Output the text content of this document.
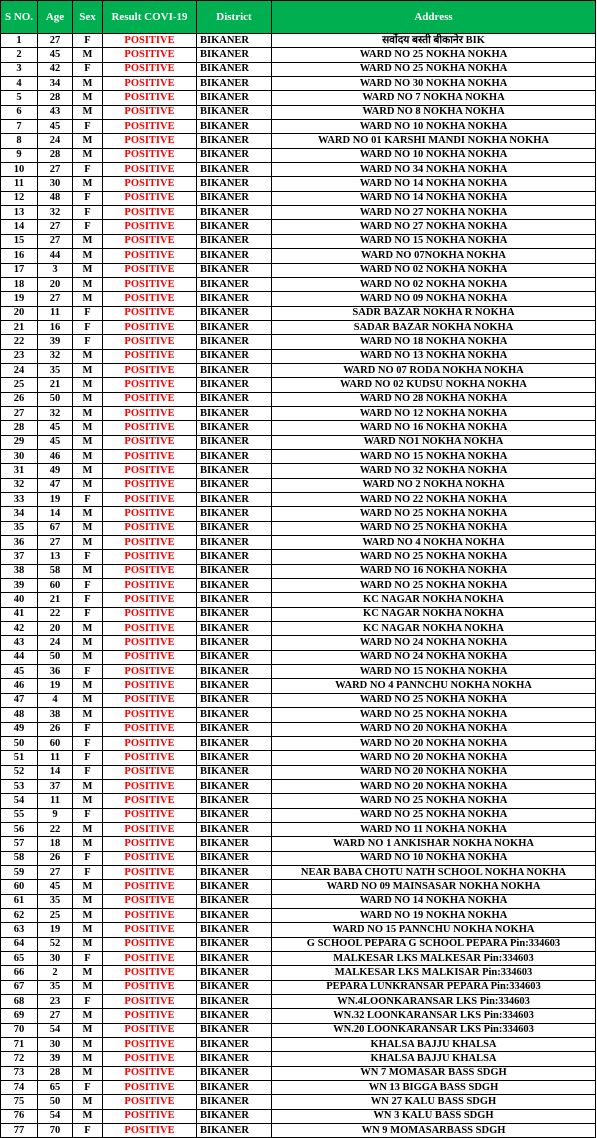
S NO.	Age	Sex	Result COVI-19	District	Address
1	27	F	POSITIVE	BIKANER	सर्वोदय बस्ती बीकानेर BIK
2	45	M	POSITIVE	BIKANER	WARD NO 25 NOKHA NOKHA
3	42	F	POSITIVE	BIKANER	WARD NO 25 NOKHA NOKHA
4	34	M	POSITIVE	BIKANER	WARD NO 30 NOKHA NOKHA
5	28	M	POSITIVE	BIKANER	WARD NO 7 NOKHA NOKHA
6	43	M	POSITIVE	BIKANER	WARD NO 8 NOKHA NOKHA
7	45	F	POSITIVE	BIKANER	WARD NO 10 NOKHA NOKHA
8	24	M	POSITIVE	BIKANER	WARD NO 01 KARSHI MANDI NOKHA NOKHA
9	28	M	POSITIVE	BIKANER	WARD NO 10 NOKHA NOKHA
10	27	F	POSITIVE	BIKANER	WARD NO 34 NOKHA NOKHA
11	30	M	POSITIVE	BIKANER	WARD NO 14 NOKHA NOKHA
12	48	F	POSITIVE	BIKANER	WARD NO 14 NOKHA NOKHA
13	32	F	POSITIVE	BIKANER	WARD NO 27 NOKHA NOKHA
14	27	F	POSITIVE	BIKANER	WARD NO 27 NOKHA NOKHA
15	27	M	POSITIVE	BIKANER	WARD NO 15 NOKHA NOKHA
16	44	M	POSITIVE	BIKANER	WARD NO 07NOKHA NOKHA
17	3	M	POSITIVE	BIKANER	WARD NO 02 NOKHA NOKHA
18	20	M	POSITIVE	BIKANER	WARD NO 02 NOKHA NOKHA
19	27	M	POSITIVE	BIKANER	WARD NO 09 NOKHA NOKHA
20	11	F	POSITIVE	BIKANER	SADR BAZAR NOKHA R NOKHA
21	16	F	POSITIVE	BIKANER	SADAR BAZAR NOKHA NOKHA
22	39	F	POSITIVE	BIKANER	WARD NO 18 NOKHA NOKHA
23	32	M	POSITIVE	BIKANER	WARD NO 13 NOKHA NOKHA
24	35	M	POSITIVE	BIKANER	WARD NO 07 RODA NOKHA NOKHA
25	21	M	POSITIVE	BIKANER	WARD NO 02 KUDSU NOKHA NOKHA
26	50	M	POSITIVE	BIKANER	WARD NO 28 NOKHA NOKHA
27	32	M	POSITIVE	BIKANER	WARD NO 12 NOKHA NOKHA
28	45	M	POSITIVE	BIKANER	WARD NO 16 NOKHA NOKHA
29	45	M	POSITIVE	BIKANER	WARD NO1 NOKHA NOKHA
30	46	M	POSITIVE	BIKANER	WARD NO 15 NOKHA NOKHA
31	49	M	POSITIVE	BIKANER	WARD NO 32 NOKHA NOKHA
32	47	M	POSITIVE	BIKANER	WARD NO 2 NOKHA NOKHA
33	19	F	POSITIVE	BIKANER	WARD NO 22 NOKHA NOKHA
34	14	M	POSITIVE	BIKANER	WARD NO 25 NOKHA NOKHA
35	67	M	POSITIVE	BIKANER	WARD NO 25 NOKHA NOKHA
36	27	M	POSITIVE	BIKANER	WARD NO 4 NOKHA NOKHA
37	13	F	POSITIVE	BIKANER	WARD NO 25 NOKHA NOKHA
38	58	M	POSITIVE	BIKANER	WARD NO 16 NOKHA NOKHA
39	60	F	POSITIVE	BIKANER	WARD NO 25 NOKHA NOKHA
40	21	F	POSITIVE	BIKANER	KC NAGAR NOKHA NOKHA
41	22	F	POSITIVE	BIKANER	KC NAGAR NOKHA NOKHA
42	20	M	POSITIVE	BIKANER	KC NAGAR NOKHA NOKHA
43	24	M	POSITIVE	BIKANER	WARD NO 24 NOKHA NOKHA
44	50	M	POSITIVE	BIKANER	WARD NO 24 NOKHA NOKHA
45	36	F	POSITIVE	BIKANER	WARD NO 15 NOKHA NOKHA
46	19	M	POSITIVE	BIKANER	WARD NO 4 PANNCHU NOKHA NOKHA
47	4	M	POSITIVE	BIKANER	WARD NO 25 NOKHA NOKHA
48	38	M	POSITIVE	BIKANER	WARD NO 25 NOKHA NOKHA
49	26	F	POSITIVE	BIKANER	WARD NO 20 NOKHA NOKHA
50	60	F	POSITIVE	BIKANER	WARD NO 20 NOKHA NOKHA
51	11	F	POSITIVE	BIKANER	WARD NO 20 NOKHA NOKHA
52	14	F	POSITIVE	BIKANER	WARD NO 20 NOKHA NOKHA
53	37	M	POSITIVE	BIKANER	WARD NO 20 NOKHA NOKHA
54	11	M	POSITIVE	BIKANER	WARD NO 25 NOKHA NOKHA
55	9	F	POSITIVE	BIKANER	WARD NO 25 NOKHA NOKHA
56	22	M	POSITIVE	BIKANER	WARD NO 11 NOKHA NOKHA
57	18	M	POSITIVE	BIKANER	WARD NO 1 ANKISHAR NOKHA NOKHA
58	26	F	POSITIVE	BIKANER	WARD NO 10 NOKHA NOKHA
59	27	F	POSITIVE	BIKANER	NEAR BABA CHOTU NATH SCHOOL NOKHA NOKHA
60	45	M	POSITIVE	BIKANER	WARD NO 09 MAINSASAR NOKHA NOKHA
61	35	M	POSITIVE	BIKANER	WARD NO 14 NOKHA NOKHA
62	25	M	POSITIVE	BIKANER	WARD NO 19 NOKHA NOKHA
63	19	M	POSITIVE	BIKANER	WARD NO 15 PANNCHU NOKHA NOKHA
64	52	M	POSITIVE	BIKANER	G SCHOOL PEPARA G SCHOOL PEPARA Pin:334603
65	30	F	POSITIVE	BIKANER	MALKESAR LKS MALKESAR Pin:334603
66	2	M	POSITIVE	BIKANER	MALKESAR LKS MALKISAR Pin:334603
67	35	M	POSITIVE	BIKANER	PEPARA LUNKRANSAR PEPARA Pin:334603
68	23	F	POSITIVE	BIKANER	WN.4LOONKARANSAR LKS Pin:334603
69	27	M	POSITIVE	BIKANER	WN.32 LOONKARANSAR LKS Pin:334603
70	54	M	POSITIVE	BIKANER	WN.20 LOONKARANSAR LKS Pin:334603
71	30	M	POSITIVE	BIKANER	KHALSA BAJJU KHALSA
72	39	M	POSITIVE	BIKANER	KHALSA BAJJU KHALSA
73	28	M	POSITIVE	BIKANER	WN 7 MOMASAR BASS SDGH
74	65	F	POSITIVE	BIKANER	WN 13 BIGGA BASS SDGH
75	50	M	POSITIVE	BIKANER	WN 27 KALU BASS SDGH
76	54	M	POSITIVE	BIKANER	WN 3 KALU BASS SDGH
77	70	F	POSITIVE	BIKANER	WN 9 MOMASARBASS SDGH
